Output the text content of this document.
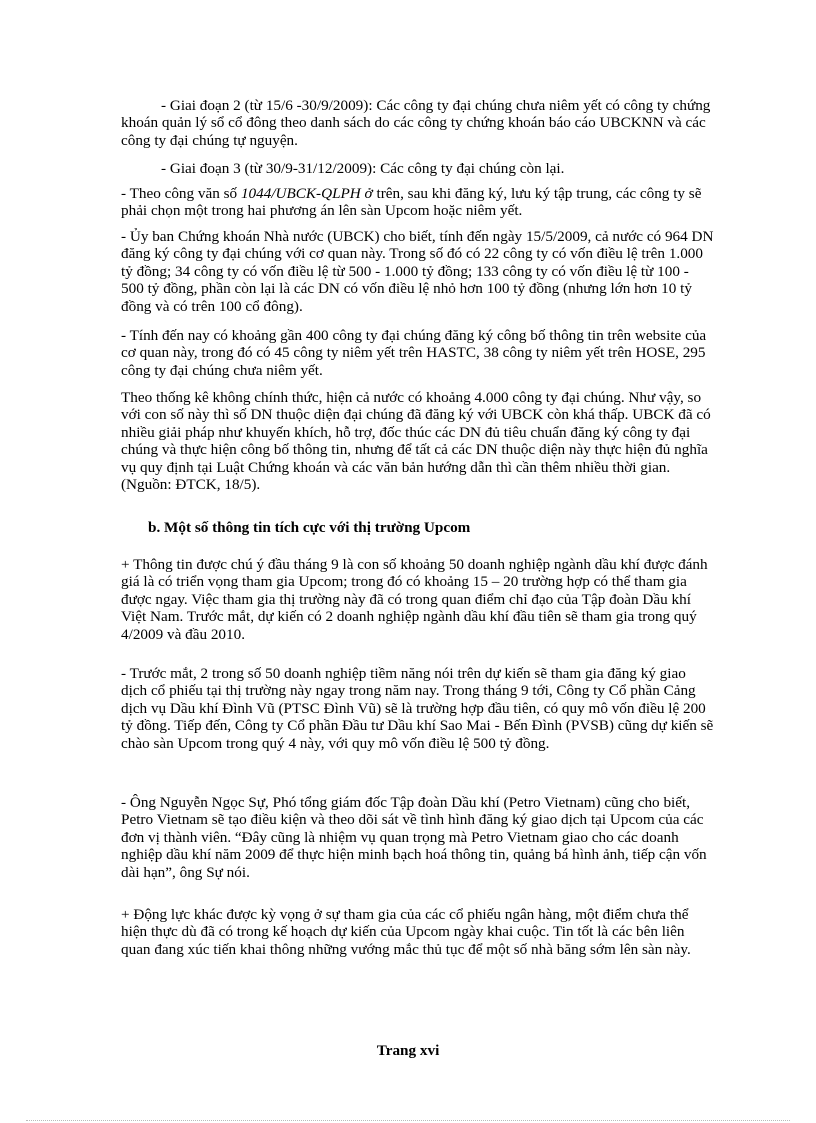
- Giai đoạn 2 (từ 15/6 -30/9/2009): Các công ty đại chúng chưa niêm yết có công ty chứng khoán quản lý sổ cổ đông theo danh sách do các công ty chứng khoán báo cáo UBCKNN và các công ty đại chúng tự nguyện.

- Giai đoạn 3 (từ 30/9-31/12/2009): Các công ty đại chúng còn lại.

- Theo công văn số 1044/UBCK-QLPH ở trên, sau khi đăng ký, lưu ký tập trung, các công ty sẽ phải chọn một trong hai phương án lên sàn Upcom hoặc niêm yết.

- Ủy ban Chứng khoán Nhà nước (UBCK) cho biết, tính đến ngày 15/5/2009, cả nước có 964 DN đăng ký công ty đại chúng với cơ quan này. Trong số đó có 22 công ty có vốn điều lệ trên 1.000 tỷ đồng; 34 công ty có vốn điều lệ từ 500 - 1.000 tỷ đồng; 133 công ty có vốn điều lệ từ 100 - 500 tỷ đồng, phần còn lại là các DN có vốn điều lệ nhỏ hơn 100 tỷ đồng (nhưng lớn hơn 10 tỷ đồng và có trên 100 cổ đông).

- Tính đến nay có khoảng gần 400 công ty đại chúng đăng ký công bố thông tin trên website của cơ quan này, trong đó có 45 công ty niêm yết trên HASTC, 38 công ty niêm yết trên HOSE, 295 công ty đại chúng chưa niêm yết.

Theo thống kê không chính thức, hiện cả nước có khoảng 4.000 công ty đại chúng. Như vậy, so với con số này thì số DN thuộc diện đại chúng đã đăng ký với UBCK còn khá thấp. UBCK đã có nhiều giải pháp như khuyến khích, hỗ trợ, đốc thúc các DN đủ tiêu chuẩn đăng ký công ty đại chúng và thực hiện công bố thông tin, nhưng để tất cả các DN thuộc diện này thực hiện đủ nghĩa vụ quy định tại Luật Chứng khoán và các văn bản hướng dẫn thì cần thêm nhiều thời gian.(Nguồn: ĐTCK, 18/5).

b. Một số thông tin tích cực với thị trường Upcom

+ Thông tin được chú ý đầu tháng 9 là con số khoảng 50 doanh nghiệp ngành dầu khí được đánh giá là có triển vọng tham gia Upcom; trong đó có khoảng 15 – 20 trường hợp có thể tham gia được ngay. Việc tham gia thị trường này đã có trong quan điểm chỉ đạo của Tập đoàn Dầu khí Việt Nam. Trước mắt, dự kiến có 2 doanh nghiệp ngành dầu khí đầu tiên sẽ tham gia trong quý 4/2009 và đầu 2010.

- Trước mắt, 2 trong số 50 doanh nghiệp tiềm năng nói trên dự kiến sẽ tham gia đăng ký giao dịch cổ phiếu tại thị trường này ngay trong năm nay. Trong tháng 9 tới, Công ty Cổ phần Cảng dịch vụ Dầu khí Đình Vũ (PTSC Đình Vũ) sẽ là trường hợp đầu tiên, có quy mô vốn điều lệ 200 tỷ đồng. Tiếp đến, Công ty Cổ phần Đầu tư Dầu khí Sao Mai - Bến Đình (PVSB) cũng dự kiến sẽ chào sàn Upcom trong quý 4 này, với quy mô vốn điều lệ 500 tỷ đồng.

- Ông Nguyễn Ngọc Sự, Phó tổng giám đốc Tập đoàn Dầu khí (Petro Vietnam) cũng cho biết, Petro Vietnam sẽ tạo điều kiện và theo dõi sát về tình hình đăng ký giao dịch tại Upcom của các đơn vị thành viên. “Đây cũng là nhiệm vụ quan trọng mà Petro Vietnam giao cho các doanh nghiệp dầu khí năm 2009 để thực hiện minh bạch hoá thông tin, quảng bá hình ảnh, tiếp cận vốn dài hạn”, ông Sự nói.

+ Động lực khác được kỳ vọng ở sự tham gia của các cổ phiếu ngân hàng, một điểm chưa thể hiện thực dù đã có trong kế hoạch dự kiến của Upcom ngày khai cuộc. Tin tốt là các bên liên quan đang xúc tiến khai thông những vướng mắc thủ tục để một số nhà băng sớm lên sàn này.

Trang xvi
